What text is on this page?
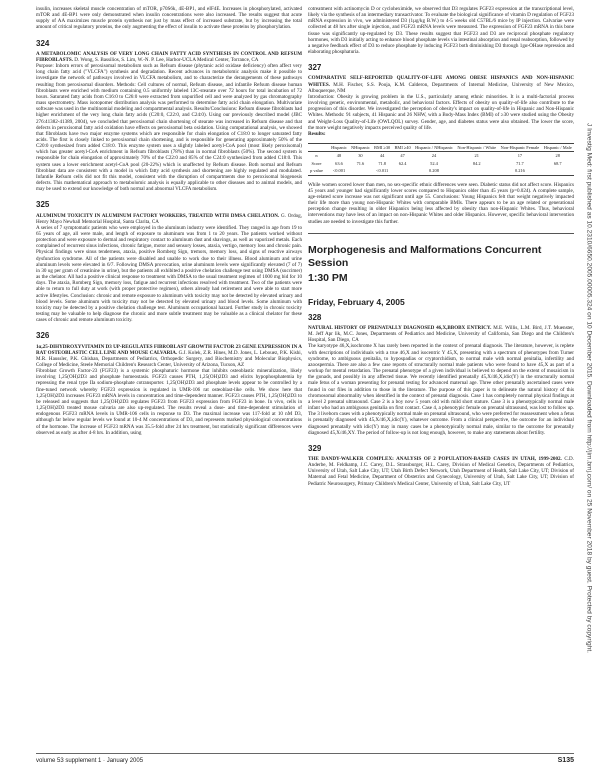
insulin, increases skeletal muscle concentration of mTOR, p70S6k, 4E-BP1, and eIF4E. Increases in phosphorylated, activated mTOR and 4E-BP1 were only demonstrated when insulin concentrations were also increased. The results suggest that acute supply of AA maximizes muscle protein synthesis not just by mass effect of increased substrate, but by increasing the total amount of critical regulatory proteins, the only augmenting the effect of insulin to activate these proteins by phosphorylation.

324

A METABOLOMIC ANALYSIS OF VERY LONG CHAIN FATTY ACID SYNTHESIS IN CONTROL AND REFSUM FIBROBLASTS. D. Wong, S. Bassilios, S. Lim, W.-N. P. Lee, Harbor-UCLA Medical Center, Torrance, CA

Purpose: Inborn errors of peroxisomal metabolism such as Refsum disease (phytanic acid oxidase deficiency) often affect very long chain fatty acid ("VLCFA") synthesis and degradation. Recent advances in metabolomic analysis make it possible to investigate the network of pathways involved in VLCFA metabolism, and to characterize the derangements of these pathways resulting from peroxisomal disorders. Methods: Cell cultures of normal, Refsum disease, and infantile Refsum disease human fibroblasts were enriched with medium containing 0.5 uniformly labeled 13C-stearate over 72 hours for total incubation of 72 hours. Saturated fatty acids from C16:0 to C26:0 were extracted from unpurified cell and were analyzed by gas chromatography mass spectrometry. Mass isotopomer distribution analysis was performed to determine fatty acid chain elongation. Multivariate software was used in the multinomial modeling and compartmental analysis. Results/Conclusions: Refsum disease fibroblasts had higher enrichment of the very long chain fatty acids (C20:0, C22:0, and C24:0). Using our previously described model (JBC 276:41382-41389, 2004), we concluded that peroxisomal chain shortening of stearate was increased in Refsum disease and that defects in peroxisomal fatty acid oxidation have effects on peroxisomal beta oxidation. Using computational analysis, we showed that fibroblasts have two major enzyme systems which are responsible for chain elongation of C18:0 to longer saturated fatty acids. The first is closely linked to peroxisomal chain shortening, and is responsible for generating approximately 50% of the C20:0 synthesized from added C18:0. This enzyme system uses a slightly labeled acetyl-CoA pool (most likely peroxisomal) which has greater acetyl-CoA enrichment in Refsum fibroblasts (78%) than in normal fibroblasts (50%). The second system is responsible for chain elongation of approximately 70% of the C22:0 and 85% of the C24:0 synthesized from added C18:0. This system uses a lower enrichment acetyl-CoA pool (20-22%) which is unaffected by Refsum disease. Both normal and Refsum fibroblast data are consistent with a model in which fatty acid synthesis and shortening are highly regulated and modulated. Infantile Refsum cells did not fit this model, consistent with the disruption of compartments due to peroxisomal biogenesis defects. This mathematical approach to metabolomic analysis is equally applicable to other diseases and to animal models, and may be used to extend our knowledge of both normal and abnormal VLCFA metabolism.

325

ALUMINUM TOXICITY IN ALUMINUM FACTORY WORKERS, TREATED WITH DMSA CHELATION. G. Ordog, Henry Mayo Newhall Memorial Hospital, Santa Clarita, CA

A series of 7 symptomatic patients who were employed in the aluminum industry were identified. They ranged in age from 19 to 65 years of age, all were male, and length of exposure to aluminum was from 1 to 20 years. The patients worked without protection and were exposure to dermal and respiratory contact to aluminum dust and shavings, as well as vaporized metals. Each complained of recurrent sinus infections, chronic fatigue, motor and sensory losses, ataxia, vertigo, memory loss and chronic pain. Physical findings were sinus tenderness, ataxia, positive Romberg Sign, tremors, memory loss, and signs of reactive airways dysfunction syndrome. All of the patients were disabled and unable to work due to their illness. Blood aluminum and urine aluminum levels were elevated in 6/7. Following DMSA provocation, urine aluminum levels were significantly elevated (7 of 7) in 30 ug per gram of creatinine in urine), but the patients all exhibited a positive chelation challenge test using DMSA (succimer) as the chelator. All had a positive clinical response to treatment with DMSA to the usual treatment regimen of 1000 mg bid for 10 days. The ataxia, Romberg Sign, memory loss, fatigue and recurrent infections resolved with treatment. Two of the patients were able to return to full duty at work (with proper protective regimen), others already had retirement and were able to start more active lifestyles. Conclusion: chronic and remote exposure to aluminum with toxicity may not be detected by elevated urinary and blood levels. Some aluminum with toxicity may not be detected by elevated urinary and blood levels. Some aluminum with toxicity may be detected by a positive chelation challenge test. Aluminum occupational hazard. Further study in chronic toxicity testing may be valuable to help diagnose the chronic and more subtle treatment may be valuable as a clinical chelator for these cases of chronic and remote aluminum toxicity.

326

1α,25-DIHYDROXYVITAMIN D3 UP-REGULATES FIBROBLAST GROWTH FACTOR 23 GENE EXPRESSION IN A RAT OSTEOBLASTIC CELL LINE AND MOUSE CALVARIA. G.J. Kolek, Z.R. Hines, M.D. Jones, L. Lebouez, P.K. Kishi, M.R. Haussler, P.K. Ghishan, Departments of Pediatrics, Orthopedic Surgery, and Biochemistry and Molecular Biophysics, College of Medicine, Steele Memorial Children's Research Center, University of Arizona, Tucson, AZ

Fibroblast Growth Factor-23 (FGF23) is a systemic phosphaturic hormone that inhibits osteoblastic mineralization, likely involving 1,25(OH)2D3 and phosphate homeostasis. FGF23 causes PTH, 1,25(OH)2D3 and elicits hypophosphatemia by repressing the renal type IIa sodium-phosphate cotransporter. 1,25(OH)2D3 and phosphate levels appear to be controlled by a fine-tuned network whereby FGF23 expression is regulated in UMR-106 rat osteoblast-like cells. We show here that 1,25(OH)2D3 increases FGF23 mRNA levels in concentration and time-dependent manner. FGF23 causes PTH, 1,25(OH)2D3 to be released and suggests that 1,25(OH)2D3 regulates FGF23 from FGF23 expression from FGF23 in bone. In vivo, cells in 1,25(OH)2D3 treated mouse calvaria are also up-regulated. The results reveal a dose- and time-dependent stimulation of endogenous FGF23 mRNA levels in UMR-106 cells in response to D3. The maximal increase was 117-fold at 10 nM D3, although far below regular levels we found at 10-4 M concentrations of D3, and represents marked physiological concentrations of the hormone. The increase of FGF23 mRNA was 35.5-fold after 24 hrs treatment, but statistically significant differences were observed as early as after 4-8 hrs. In addition, using

cotreatment with actinomycin D or cycloheximide, we observed that D3 regulates FGF23 expression at the transcriptional level, likely via the synthesis of an intermediary transactivator. To evaluate the biological significance of vitamin D regulation of FGF23 mRNA expression in vivo, we administered D3 (1µg/kg B.W.) to 4-5 weeks old C57BL/6 mice by IP injection. Calvariae were collected at 48 hrs after single injection, and FGF23 mRNA levels were measured. The expression of FGF23 mRNA in this bone tissue was significantly up-regulated by D3. These results suggest that FGF23 and D3 are reciprocal phosphate regulatory hormones, with D3 initially acting to enhance blood phosphate levels via intestinal absorption and renal reabsorption, followed by a negative feedback effect of D3 to reduce phosphate by inducing FGF23 both diminishing D3 through 1gα-OHase repression and elaborating phosphaturia.

327

COMPARATIVE SELF-REPORTED QUALITY-OF-LIFE AMONG OBESE HISPANICS AND NON-HISPANIC WHITES. M.H. Fischer, S.S. Pooja, K.M. Calderon, Departments of Internal Medicine, University of New Mexico, Albuquerque, NM

Introduction: Obesity is growing problem in the U.S., particularly among ethnic minorities. It is a multi-factorial process involving genetic, environmental, metabolic, and behavioral factors. Effects of obesity on quality-of-life also contribute to the progression of this disorder. We investigated the perception of obesity's impact on quality-of-life in Hispanic and Non-Hispanic Whites. Methods: 91 subjects, 41 Hispanic and 26 NHW, with a Body-Mass Index (BMI) of ≥30 were studied using the Obesity and Weight-Loss Quality-of-Life (OWLQOL) survey. Gender, age, and diabetes status were also obtained. The lower the score, the more weight negatively impacts perceived quality of life.

Results:

		Hispanic	NHispanic	BMI ≥30	BMI ≥40	Hispanic / NHispanic	Non-Hispanic / White	Non-Hispanic Female	Hispanic / Male
n		48	30	44	47	24	21	17	28
Score		63.6	71.6	71.8	62.4	52.4	84.2	71.7	68.7
p value		<0.001		<0.011		0.208		0.216	

While women scored lower than men, no sex-specific ethnic differences were seen. Diabetic status did not affect score. Hispanics 45 years and younger had significantly lower scores compared to Hispanics older than 45 years (p=0.024). A complete sample, age-related score increase was not significant until age 55. Conclusions: Young Hispanics felt that weight negatively impacted their life more than young non-Hispanic Whites with comparable BMIs. There appears to be an age related or generational perception change resulting in older Hispanics being less affected by obesity than non-Hispanic Whites. Thus, behavioral interventions may have less of an impact on non-Hispanic Whites and older Hispanics. However, specific behavioral intervention studies are needed to investigate this further.

Morphogenesis and Malformations Concurrent Session
1:30 PM
Friday, February 4, 2005
328

NATURAL HISTORY OF PRENATALLY DIAGNOSED 46,X,BBOBX ENTRICY. M.E. Willis, L.M. Bird, J.T. Muenster, M. Jeff Apr lik, M.C. Jones, Departments of Pediatrics and Medicine, University of California, San Diego and the Children's Hospital, San Diego, CA

The karyotype 46,X,isochrome X has rarely been reported in the context of prenatal diagnosis. The literature, however, is replete with descriptions of individuals with a true 46,X and isocentric Y 45,X, presenting with a spectrum of phenotypes from Turner syndrome, to ambiguous genitalia, to hypospadias or cryptorchidism, to normal male with normal genitalia, infertility and azoospermia. There are also a few case reports of structurally normal male patients who were found to have 45,X as part of a workup for mental retardation. The prenatal phenotype of a given individual is believed to depend on the extent of mosaicism in the gonads, and possibly in any affected tissue. We recently identified prenatally 45,X/46,X,idic(Y) in the structurally normal male fetus of a woman presenting for prenatal testing for advanced maternal age. Three other prenatally ascertained cases were found in our files in addition to those in the literature. The purpose of this paper is to delineate the natural history of this chromosomal abnormality when identified in the context of prenatal diagnosis. Case 1 has completely normal physical findings at a level 2 prenatal ultrasound. Case 2 is a boy now 5 years old with mild short stature. Case 3 is a phenotypically normal male infant who had an ambiguous genitalia on first contact. Case 4, a phenotypic female on prenatal ultrasound, was lost to follow up. The 3 liveborn cases with a phenotypically normal male on prenatal ultrasound, who were preferred for reassessment when a fetus is prenatally diagnosed with 45,X/46,X,idic(Y), whatever outcome. From a clinical perspective, the outcome for an individual diagnosed prenatally with idic(Y) may in many cases be a phenotypically normal male, similar to the outcome for prenatally diagnosed 45,X/46,XY. The period of follow-up is not long enough, however, to make any statements about fertility.

329

THE DANDY-WALKER COMPLEX: ANALYSIS OF 2 POPULATION-BASED CASES IN UTAH, 1999-2002. C.D. Anderbe, M. Feldkamp, J.C. Carey, D.L. Strassburger, H.L. Carey, Division of Medical Genetics, Departments of Pediatrics, University of Utah, Salt Lake City, UT; Utah Birth Defect Network, Utah Department of Health, Salt Lake City, UT; Division of Maternal and Fetal Medicine, Department of Obstetrics and Gynecology, University of Utah, Salt Lake City, UT; Division of Pediatric Neurosurgery, Primary Children's Medical Center, University of Utah, Salt Lake City, UT	J Investig Med: first published as 10.2310/6650.2005.00005.324 on 10 December 2015. Downloaded from http://jim.bmj.com/ on 25 November 2018 by guest. Protected by copyright.
volume 53 supplement 1 · January 2005	S135
